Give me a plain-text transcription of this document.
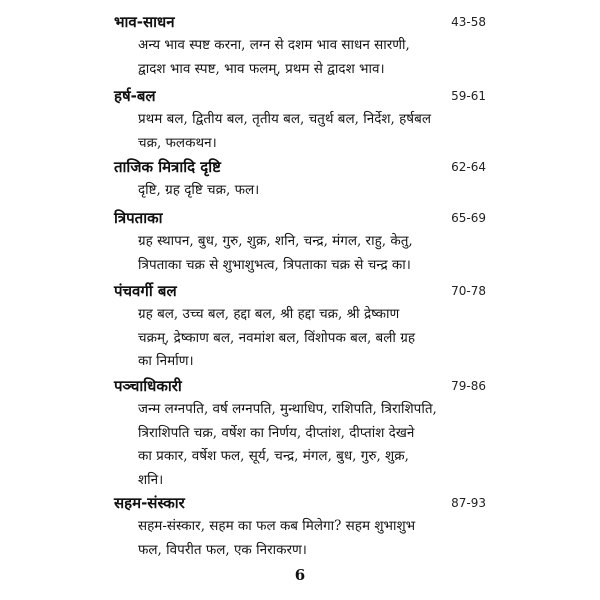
भाव-साधन	43-58
अन्य भाव स्पष्ट करना, लग्न से दशम भाव साधन सारणी,
द्वादश भाव स्पष्ट, भाव फलम्, प्रथम से द्वादश भाव।
हर्ष-बल	59-61
प्रथम बल, द्वितीय बल, तृतीय बल, चतुर्थ बल, निर्देश, हर्षबल
चक्र, फलकथन।
ताजिक मित्रादि दृष्टि	62-64
दृष्टि, ग्रह दृष्टि चक्र, फल।
त्रिपताका	65-69
ग्रह स्थापन, बुध, गुरु, शुक्र, शनि, चन्द्र, मंगल, राहु, केतु,
त्रिपताका चक्र से शुभाशुभत्व, त्रिपताका चक्र से चन्द्र का।
पंचवर्गी बल	70-78
ग्रह बल, उच्च बल, हद्दा बल, श्री हद्दा चक्र, श्री द्रेष्काण
चक्रम्, द्रेष्काण बल, नवमांश बल, विंशोपक बल, बली ग्रह
का निर्माण।
पञ्चाधिकारी	79-86
जन्म लग्नपति, वर्ष लग्नपति, मुन्थाधिप, राशिपति, त्रिराशिपति,
त्रिराशिपति चक्र, वर्षेश का निर्णय, दीप्तांश, दीप्तांश देखने
का प्रकार, वर्षेश फल, सूर्य, चन्द्र, मंगल, बुध, गुरु, शुक्र,
शनि।
सहम-संस्कार	87-93
सहम-संस्कार, सहम का फल कब मिलेगा? सहम शुभाशुभ
फल, विपरीत फल, एक निराकरण।
6
